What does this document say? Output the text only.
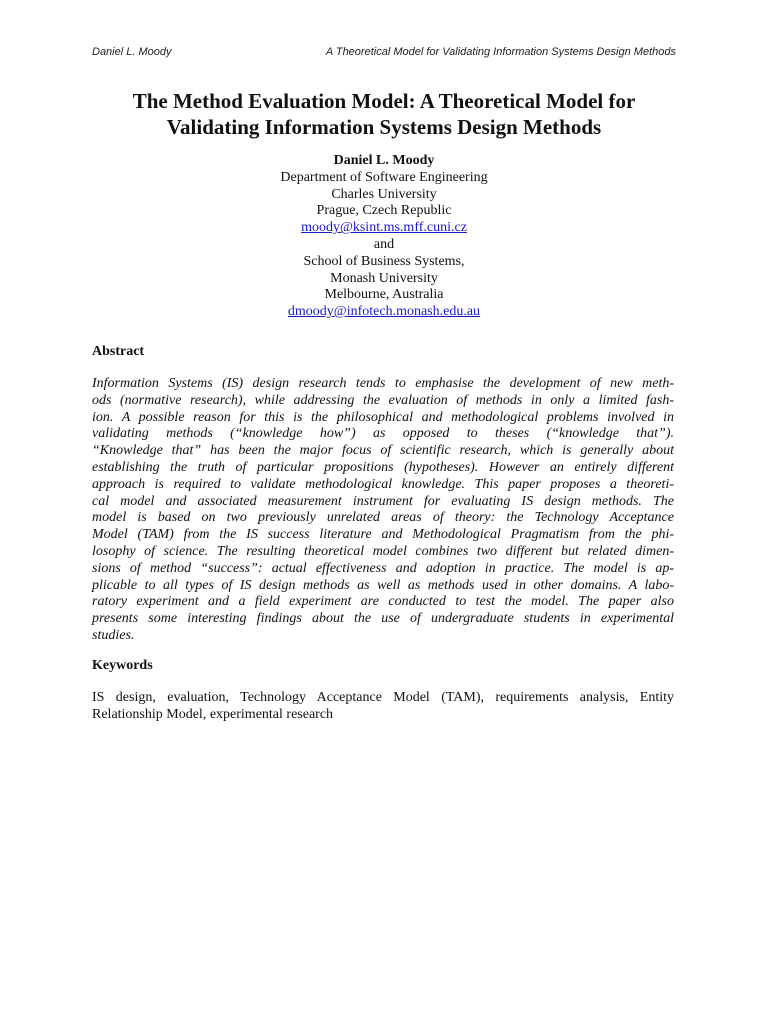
Daniel L. Moody	A Theoretical Model for Validating Information Systems Design Methods
The Method Evaluation Model: A Theoretical Model for
Validating Information Systems Design Methods
Daniel L. Moody
Department of Software Engineering
Charles University
Prague, Czech Republic
moody@ksint.ms.mff.cuni.cz
and
School of Business Systems,
Monash University
Melbourne, Australia
dmoody@infotech.monash.edu.au
Abstract
Information Systems (IS) design research tends to emphasise the development of new meth-
ods (normative research), while addressing the evaluation of methods in only a limited fash-
ion. A possible reason for this is the philosophical and methodological problems involved in
validating methods (“knowledge how”) as opposed to theses (“knowledge that”).
“Knowledge that” has been the major focus of scientific research, which is generally about
establishing the truth of particular propositions (hypotheses). However an entirely different
approach is required to validate methodological knowledge. This paper proposes a theoreti-
cal model and associated measurement instrument for evaluating IS design methods. The
model is based on two previously unrelated areas of theory: the Technology Acceptance
Model (TAM) from the IS success literature and Methodological Pragmatism from the phi-
losophy of science. The resulting theoretical model combines two different but related dimen-
sions of method “success”: actual effectiveness and adoption in practice. The model is ap-
plicable to all types of IS design methods as well as methods used in other domains. A labo-
ratory experiment and a field experiment are conducted to test the model. The paper also
presents some interesting findings about the use of undergraduate students in experimental
studies.
Keywords
IS design, evaluation, Technology Acceptance Model (TAM), requirements analysis, Entity
Relationship Model, experimental research
